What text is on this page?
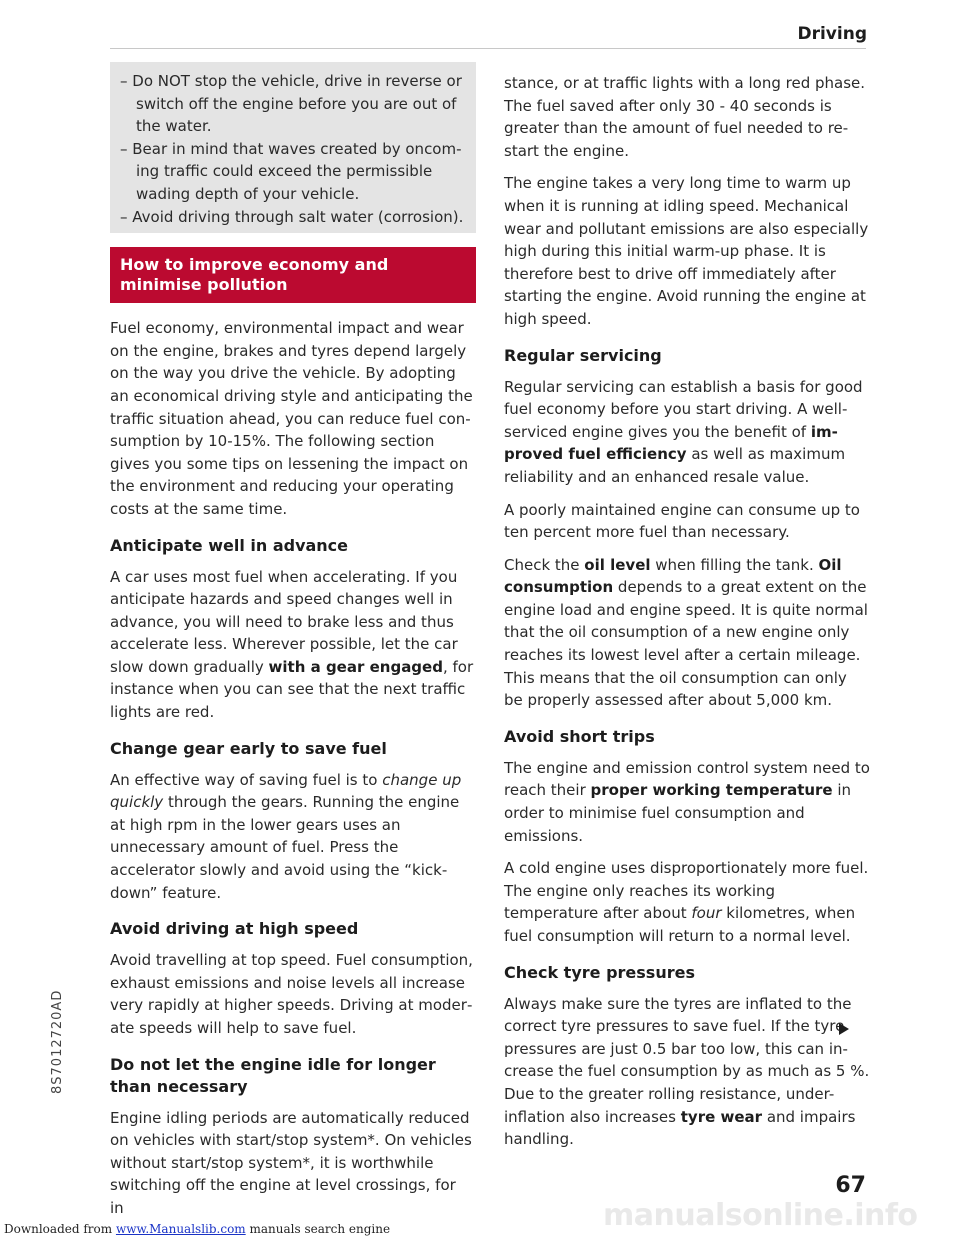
Driving
– Do NOT stop the vehicle, drive in reverse or switch off the engine before you are out of the water.
– Bear in mind that waves created by oncoming traffic could exceed the permissible wading depth of your vehicle.
– Avoid driving through salt water (corrosion).
How to improve economy and minimise pollution

Fuel economy, environmental impact and wear on the engine, brakes and tyres depend largely on the way you drive the vehicle. By adopting an economical driving style and anticipating the traffic situation ahead, you can reduce fuel consumption by 10-15%. The following section gives you some tips on lessening the impact on the environment and reducing your operating costs at the same time.

Anticipate well in advance

A car uses most fuel when accelerating. If you anticipate hazards and speed changes well in advance, you will need to brake less and thus accelerate less. Wherever possible, let the car slow down gradually with a gear engaged, for instance when you can see that the next traffic lights are red.

Change gear early to save fuel

An effective way of saving fuel is to change up quickly through the gears. Running the engine at high rpm in the lower gears uses an unnecessary amount of fuel. Press the accelerator slowly and avoid using the “kick-down” feature.

Avoid driving at high speed

Avoid travelling at top speed. Fuel consumption, exhaust emissions and noise levels all increase very rapidly at higher speeds. Driving at moderate speeds will help to save fuel.

Do not let the engine idle for longer than necessary

Engine idling periods are automatically reduced on vehicles with start/stop system*. On vehicles without start/stop system*, it is worthwhile switching off the engine at level crossings, for in

stance, or at traffic lights with a long red phase. The fuel saved after only 30 - 40 seconds is greater than the amount of fuel needed to restart the engine.

The engine takes a very long time to warm up when it is running at idling speed. Mechanical wear and pollutant emissions are also especially high during this initial warm-up phase. It is therefore best to drive off immediately after starting the engine. Avoid running the engine at high speed.

Regular servicing

Regular servicing can establish a basis for good fuel economy before you start driving. A well-serviced engine gives you the benefit of improved fuel efficiency as well as maximum reliability and an enhanced resale value.

A poorly maintained engine can consume up to ten percent more fuel than necessary.

Check the oil level when filling the tank. Oil consumption depends to a great extent on the engine load and engine speed. It is quite normal that the oil consumption of a new engine only reaches its lowest level after a certain mileage. This means that the oil consumption can only be properly assessed after about 5,000 km.

Avoid short trips

The engine and emission control system need to reach their proper working temperature in order to minimise fuel consumption and emissions.

A cold engine uses disproportionately more fuel. The engine only reaches its working temperature after about four kilometres, when fuel consumption will return to a normal level.

Check tyre pressures

Always make sure the tyres are inflated to the correct tyre pressures to save fuel. If the tyre pressures are just 0.5 bar too low, this can increase the fuel consumption by as much as 5 %. Due to the greater rolling resistance, under-inflation also increases tyre wear and impairs handling.

67
8S7012720AD
Downloaded from www.Manualslib.com manuals search engine	manualsonline.info
